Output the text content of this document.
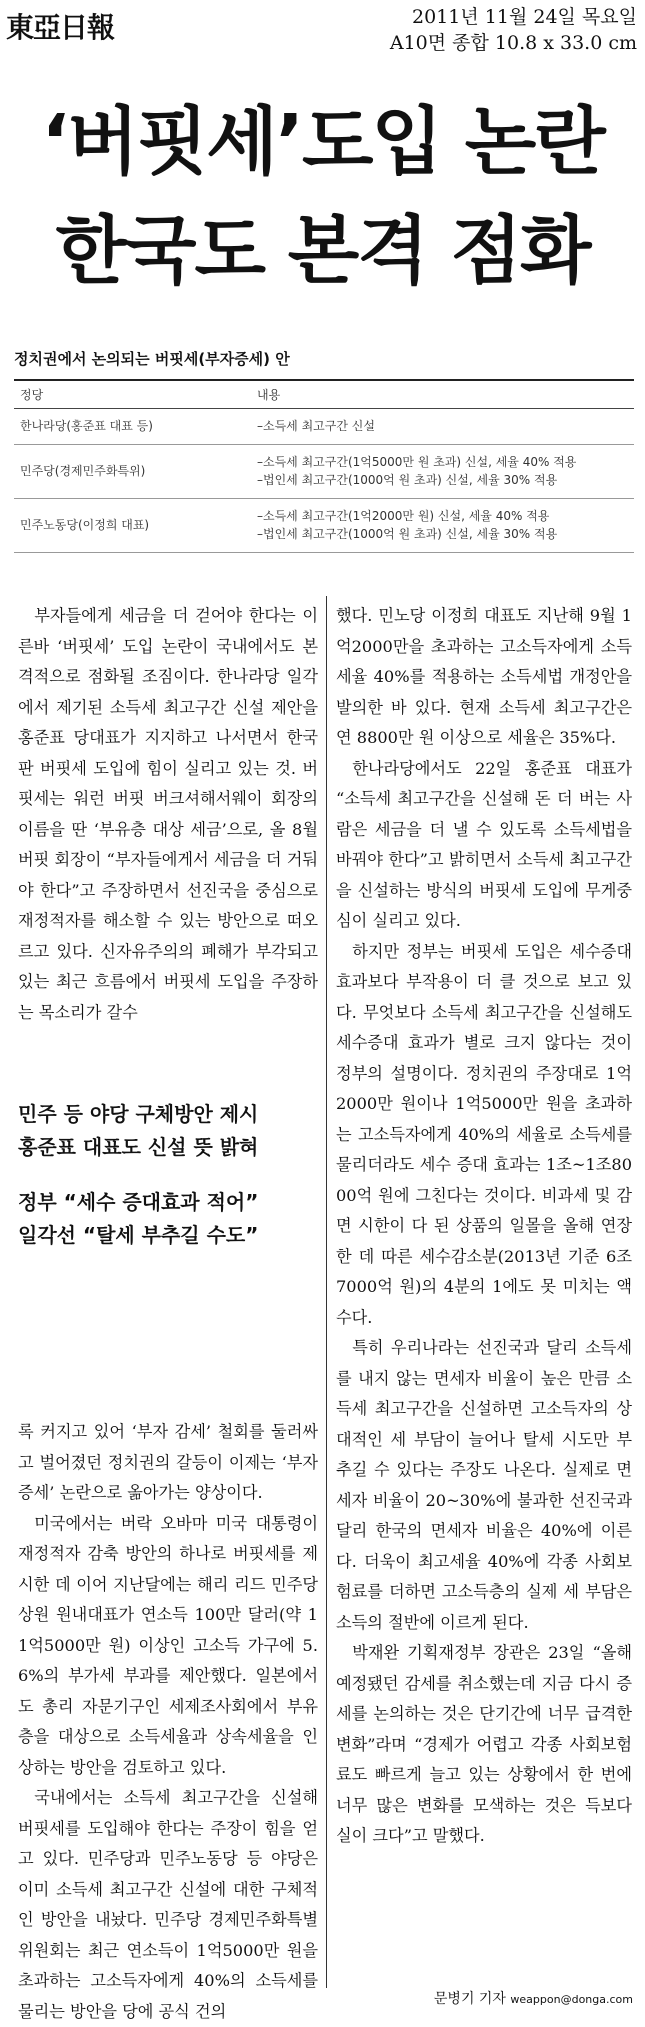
東亞日報	2011년 11월 24일 목요일
A10면 종합 10.8 x 33.0 cm
‘버핏세’도입 논란
한국도 본격 점화
정치권에서 논의되는 버핏세(부자증세) 안
정당	내용
한나라당(홍준표 대표 등)	–소득세 최고구간 신설

민주당(경제민주화특위)	–소득세 최고구간(1억5000만 원 초과) 신설, 세율 40% 적용
–법인세 최고구간(1000억 원 초과) 신설, 세율 30% 적용

민주노동당(이정희 대표)	–소득세 최고구간(1억2000만 원) 신설, 세율 40% 적용
–법인세 최고구간(1000억 원 초과) 신설, 세율 30% 적용

부자들에게 세금을 더 걷어야 한다는 이른바 ‘버핏세’ 도입 논란이 국내에서도 본격적으로 점화될 조짐이다. 한나라당 일각에서 제기된 소득세 최고구간 신설 제안을 홍준표 당대표가 지지하고 나서면서 한국판 버핏세 도입에 힘이 실리고 있는 것. 버핏세는 워런 버핏 버크셔해서웨이 회장의 이름을 딴 ‘부유층 대상 세금’으로, 올 8월 버핏 회장이 “부자들에게서 세금을 더 거둬야 한다”고 주장하면서 선진국을 중심으로 재정적자를 해소할 수 있는 방안으로 떠오르고 있다. 신자유주의의 폐해가 부각되고 있는 최근 흐름에서 버핏세 도입을 주장하는 목소리가 갈수

민주 등 야당 구체방안 제시
홍준표 대표도 신설 뜻 밝혀
정부 “세수 증대효과 적어”
일각선 “탈세 부추길 수도”

록 커지고 있어 ‘부자 감세’ 철회를 둘러싸고 벌어졌던 정치권의 갈등이 이제는 ‘부자 증세’ 논란으로 옮아가는 양상이다.

미국에서는 버락 오바마 미국 대통령이 재정적자 감축 방안의 하나로 버핏세를 제시한 데 이어 지난달에는 해리 리드 민주당 상원 원내대표가 연소득 100만 달러(약 11억5000만 원) 이상인 고소득 가구에 5.6%의 부가세 부과를 제안했다. 일본에서도 총리 자문기구인 세제조사회에서 부유층을 대상으로 소득세율과 상속세율을 인상하는 방안을 검토하고 있다.

국내에서는 소득세 최고구간을 신설해 버핏세를 도입해야 한다는 주장이 힘을 얻고 있다. 민주당과 민주노동당 등 야당은 이미 소득세 최고구간 신설에 대한 구체적인 방안을 내놨다. 민주당 경제민주화특별위원회는 최근 연소득이 1억5000만 원을 초과하는 고소득자에게 40%의 소득세를 물리는 방안을 당에 공식 건의

했다. 민노당 이정희 대표도 지난해 9월 1억2000만을 초과하는 고소득자에게 소득세율 40%를 적용하는 소득세법 개정안을 발의한 바 있다. 현재 소득세 최고구간은 연 8800만 원 이상으로 세율은 35%다.

한나라당에서도 22일 홍준표 대표가 “소득세 최고구간을 신설해 돈 더 버는 사람은 세금을 더 낼 수 있도록 소득세법을 바꿔야 한다”고 밝히면서 소득세 최고구간을 신설하는 방식의 버핏세 도입에 무게중심이 실리고 있다.

하지만 정부는 버핏세 도입은 세수증대 효과보다 부작용이 더 클 것으로 보고 있다. 무엇보다 소득세 최고구간을 신설해도 세수증대 효과가 별로 크지 않다는 것이 정부의 설명이다. 정치권의 주장대로 1억2000만 원이나 1억5000만 원을 초과하는 고소득자에게 40%의 세율로 소득세를 물리더라도 세수 증대 효과는 1조~1조8000억 원에 그친다는 것이다. 비과세 및 감면 시한이 다 된 상품의 일몰을 올해 연장한 데 따른 세수감소분(2013년 기준 6조7000억 원)의 4분의 1에도 못 미치는 액수다.

특히 우리나라는 선진국과 달리 소득세를 내지 않는 면세자 비율이 높은 만큼 소득세 최고구간을 신설하면 고소득자의 상대적인 세 부담이 늘어나 탈세 시도만 부추길 수 있다는 주장도 나온다. 실제로 면세자 비율이 20~30%에 불과한 선진국과 달리 한국의 면세자 비율은 40%에 이른다. 더욱이 최고세율 40%에 각종 사회보험료를 더하면 고소득층의 실제 세 부담은 소득의 절반에 이르게 된다.

박재완 기획재정부 장관은 23일 “올해 예정됐던 감세를 취소했는데 지금 다시 증세를 논의하는 것은 단기간에 너무 급격한 변화”라며 “경제가 어렵고 각종 사회보험료도 빠르게 늘고 있는 상황에서 한 번에 너무 많은 변화를 모색하는 것은 득보다 실이 크다”고 말했다.

문병기 기자 weappon@donga.com
